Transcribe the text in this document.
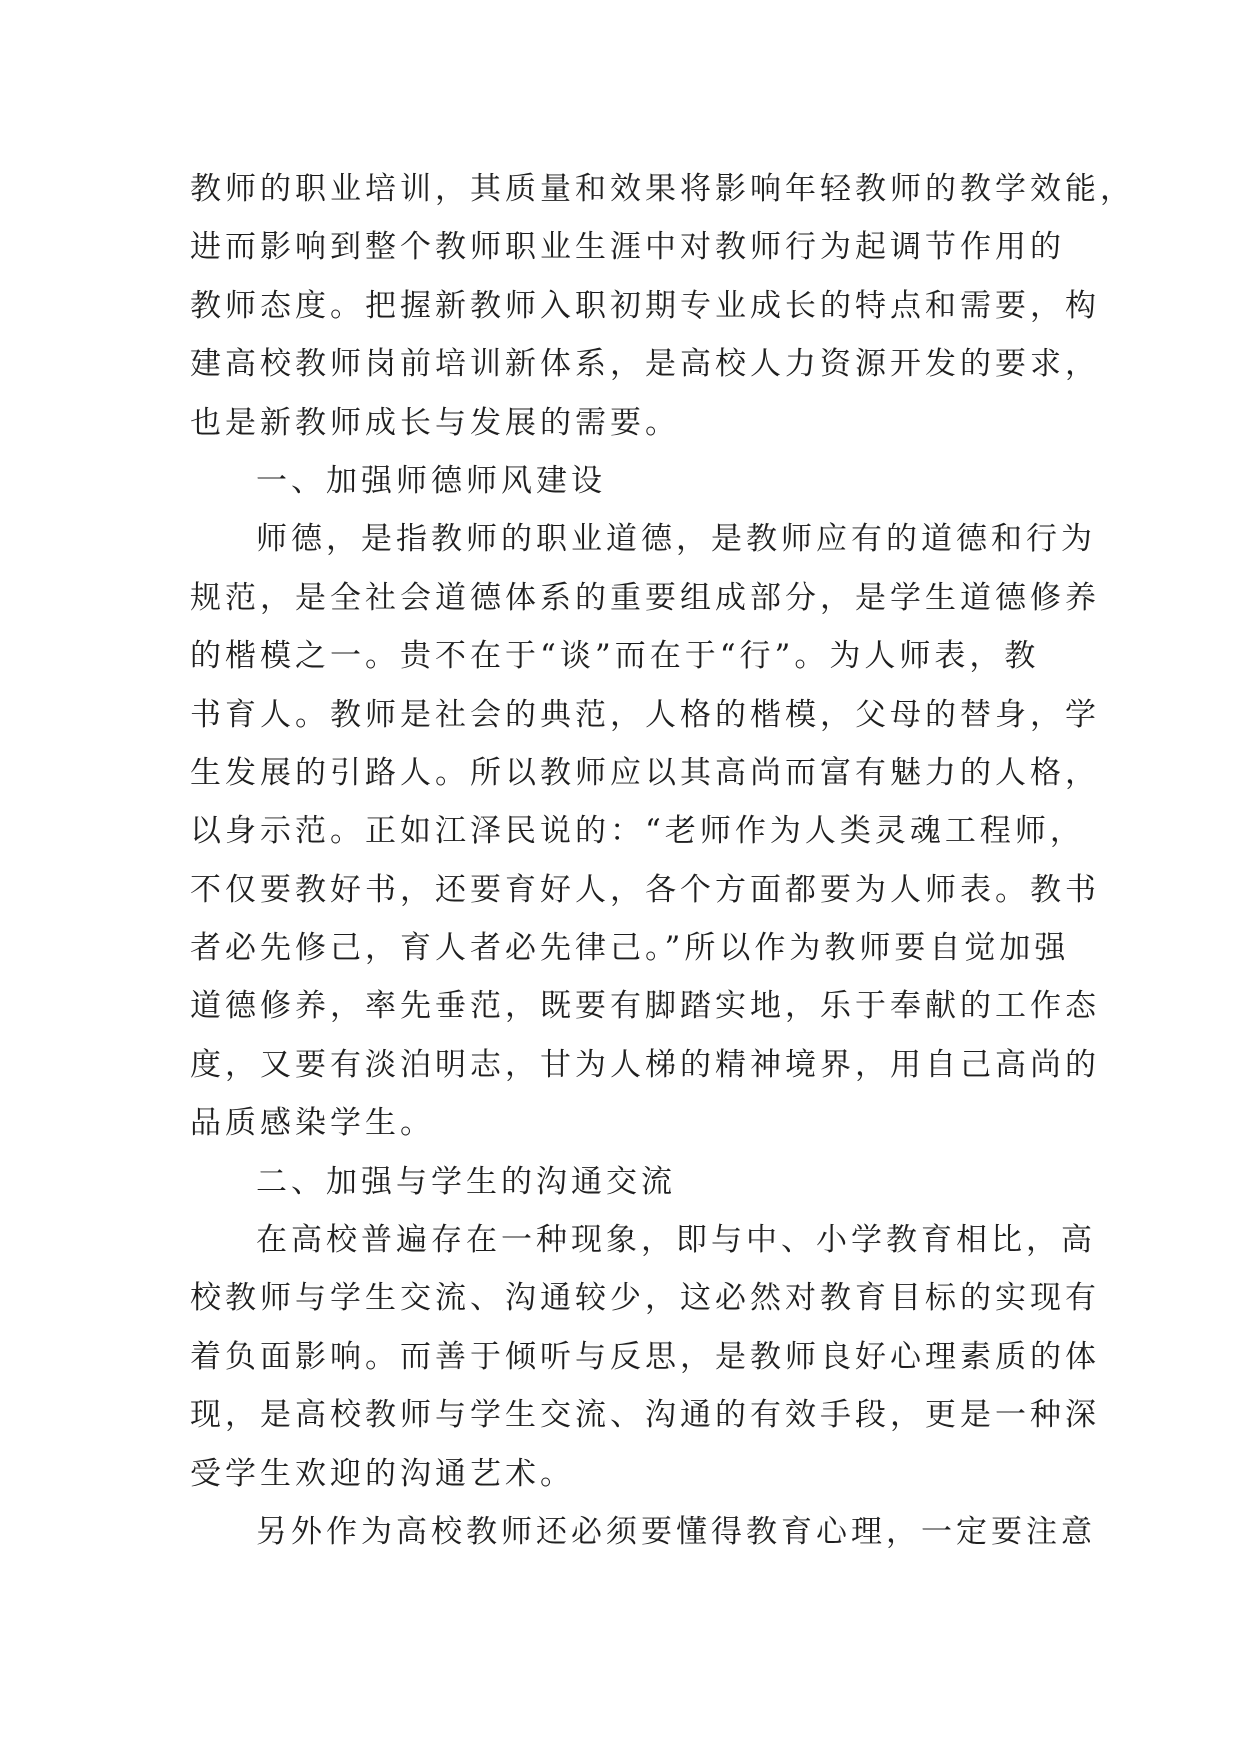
教师的职业培训，其质量和效果将影响年轻教师的教学效能，
进而影响到整个教师职业生涯中对教师行为起调节作用的
教师态度。把握新教师入职初期专业成长的特点和需要，构
建高校教师岗前培训新体系，是高校人力资源开发的要求，
也是新教师成长与发展的需要。
一、加强师德师风建设
师德，是指教师的职业道德，是教师应有的道德和行为
规范，是全社会道德体系的重要组成部分，是学生道德修养
的楷模之一。贵不在于“谈”而在于“行”。为人师表，教
书育人。教师是社会的典范，人格的楷模，父母的替身，学
生发展的引路人。所以教师应以其高尚而富有魅力的人格，
以身示范。正如江泽民说的：“老师作为人类灵魂工程师，
不仅要教好书，还要育好人，各个方面都要为人师表。教书
者必先修己，育人者必先律己。”所以作为教师要自觉加强
道德修养，率先垂范，既要有脚踏实地，乐于奉献的工作态
度，又要有淡泊明志，甘为人梯的精神境界，用自己高尚的
品质感染学生。
二、加强与学生的沟通交流
在高校普遍存在一种现象，即与中、小学教育相比，高
校教师与学生交流、沟通较少，这必然对教育目标的实现有
着负面影响。而善于倾听与反思，是教师良好心理素质的体
现，是高校教师与学生交流、沟通的有效手段，更是一种深
受学生欢迎的沟通艺术。
另外作为高校教师还必须要懂得教育心理，一定要注意
